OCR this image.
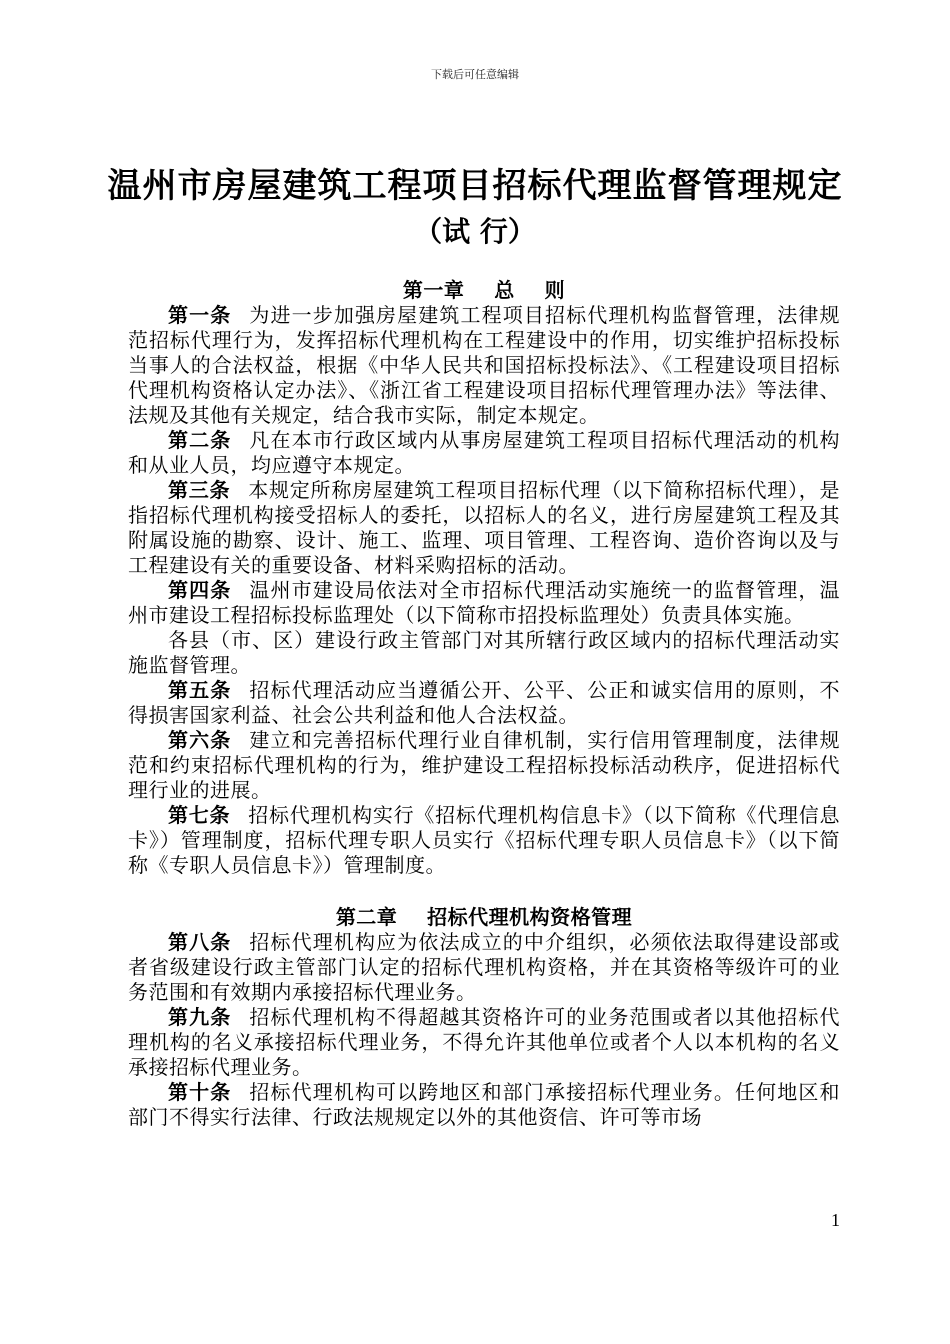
下载后可任意编辑
温州市房屋建筑工程项目招标代理监督管理规定
（试 行）
第一章    总    则

第一条 为进一步加强房屋建筑工程项目招标代理机构监督管理，法律规范招标代理行为，发挥招标代理机构在工程建设中的作用，切实维护招标投标当事人的合法权益，根据《中华人民共和国招标投标法》、《工程建设项目招标代理机构资格认定办法》、《浙江省工程建设项目招标代理管理办法》等法律、法规及其他有关规定，结合我市实际，制定本规定。

第二条 凡在本市行政区域内从事房屋建筑工程项目招标代理活动的机构和从业人员，均应遵守本规定。

第三条 本规定所称房屋建筑工程项目招标代理（以下简称招标代理），是指招标代理机构接受招标人的委托，以招标人的名义，进行房屋建筑工程及其附属设施的勘察、设计、施工、监理、项目管理、工程咨询、造价咨询以及与工程建设有关的重要设备、材料采购招标的活动。

第四条 温州市建设局依法对全市招标代理活动实施统一的监督管理，温州市建设工程招标投标监理处（以下简称市招投标监理处）负责具体实施。

各县（市、区）建设行政主管部门对其所辖行政区域内的招标代理活动实施监督管理。

第五条 招标代理活动应当遵循公开、公平、公正和诚实信用的原则，不得损害国家利益、社会公共利益和他人合法权益。

第六条 建立和完善招标代理行业自律机制，实行信用管理制度，法律规范和约束招标代理机构的行为，维护建设工程招标投标活动秩序，促进招标代理行业的进展。

第七条 招标代理机构实行《招标代理机构信息卡》（以下简称《代理信息卡》）管理制度，招标代理专职人员实行《招标代理专职人员信息卡》（以下简称《专职人员信息卡》）管理制度。

第二章    招标代理机构资格管理

第八条 招标代理机构应为依法成立的中介组织，必须依法取得建设部或者省级建设行政主管部门认定的招标代理机构资格，并在其资格等级许可的业务范围和有效期内承接招标代理业务。

第九条 招标代理机构不得超越其资格许可的业务范围或者以其他招标代理机构的名义承接招标代理业务，不得允许其他单位或者个人以本机构的名义承接招标代理业务。

第十条 招标代理机构可以跨地区和部门承接招标代理业务。任何地区和部门不得实行法律、行政法规规定以外的其他资信、许可等市场

1
